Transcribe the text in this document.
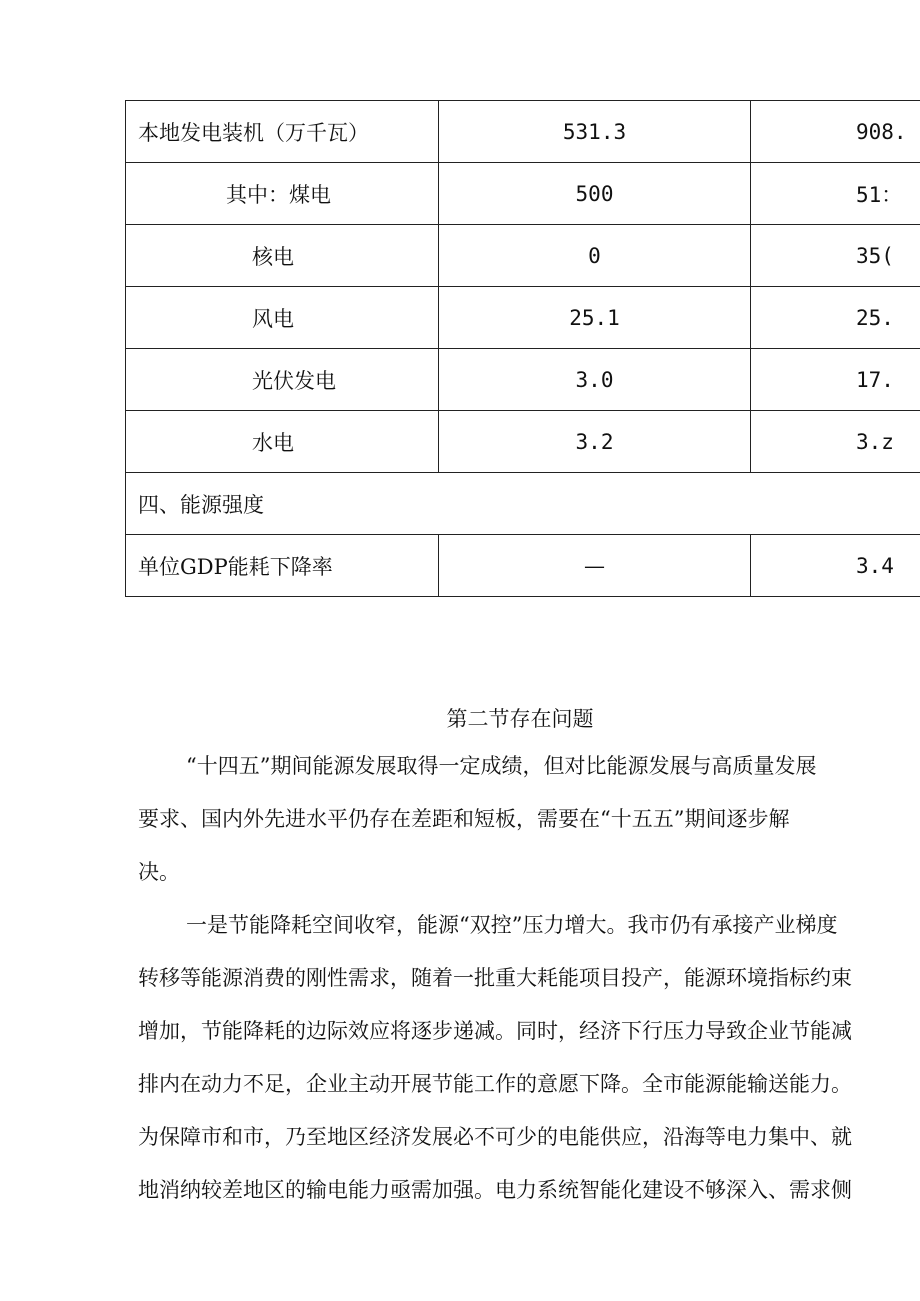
本地发电装机（万千瓦）	531.3	908.
其中：煤电	500	51：
核电	0	35(
风电	25.1	25.
光伏发电	3.0	17.
水电	3.2	3.z
四、能源强度		
单位GDP能耗下降率	—	3.4
第二节存在问题
“十四五”期间能源发展取得一定成绩，但对比能源发展与高质量发展
要求、国内外先进水平仍存在差距和短板，需要在“十五五”期间逐步解
决。
一是节能降耗空间收窄，能源“双控”压力增大。我市仍有承接产业梯度
转移等能源消费的刚性需求，随着一批重大耗能项目投产，能源环境指标约束
增加，节能降耗的边际效应将逐步递减。同时，经济下行压力导致企业节能减
排内在动力不足，企业主动开展节能工作的意愿下降。全市能源能输送能力。
为保障市和市，乃至地区经济发展必不可少的电能供应，沿海等电力集中、就
地消纳较差地区的输电能力亟需加强。电力系统智能化建设不够深入、需求侧
